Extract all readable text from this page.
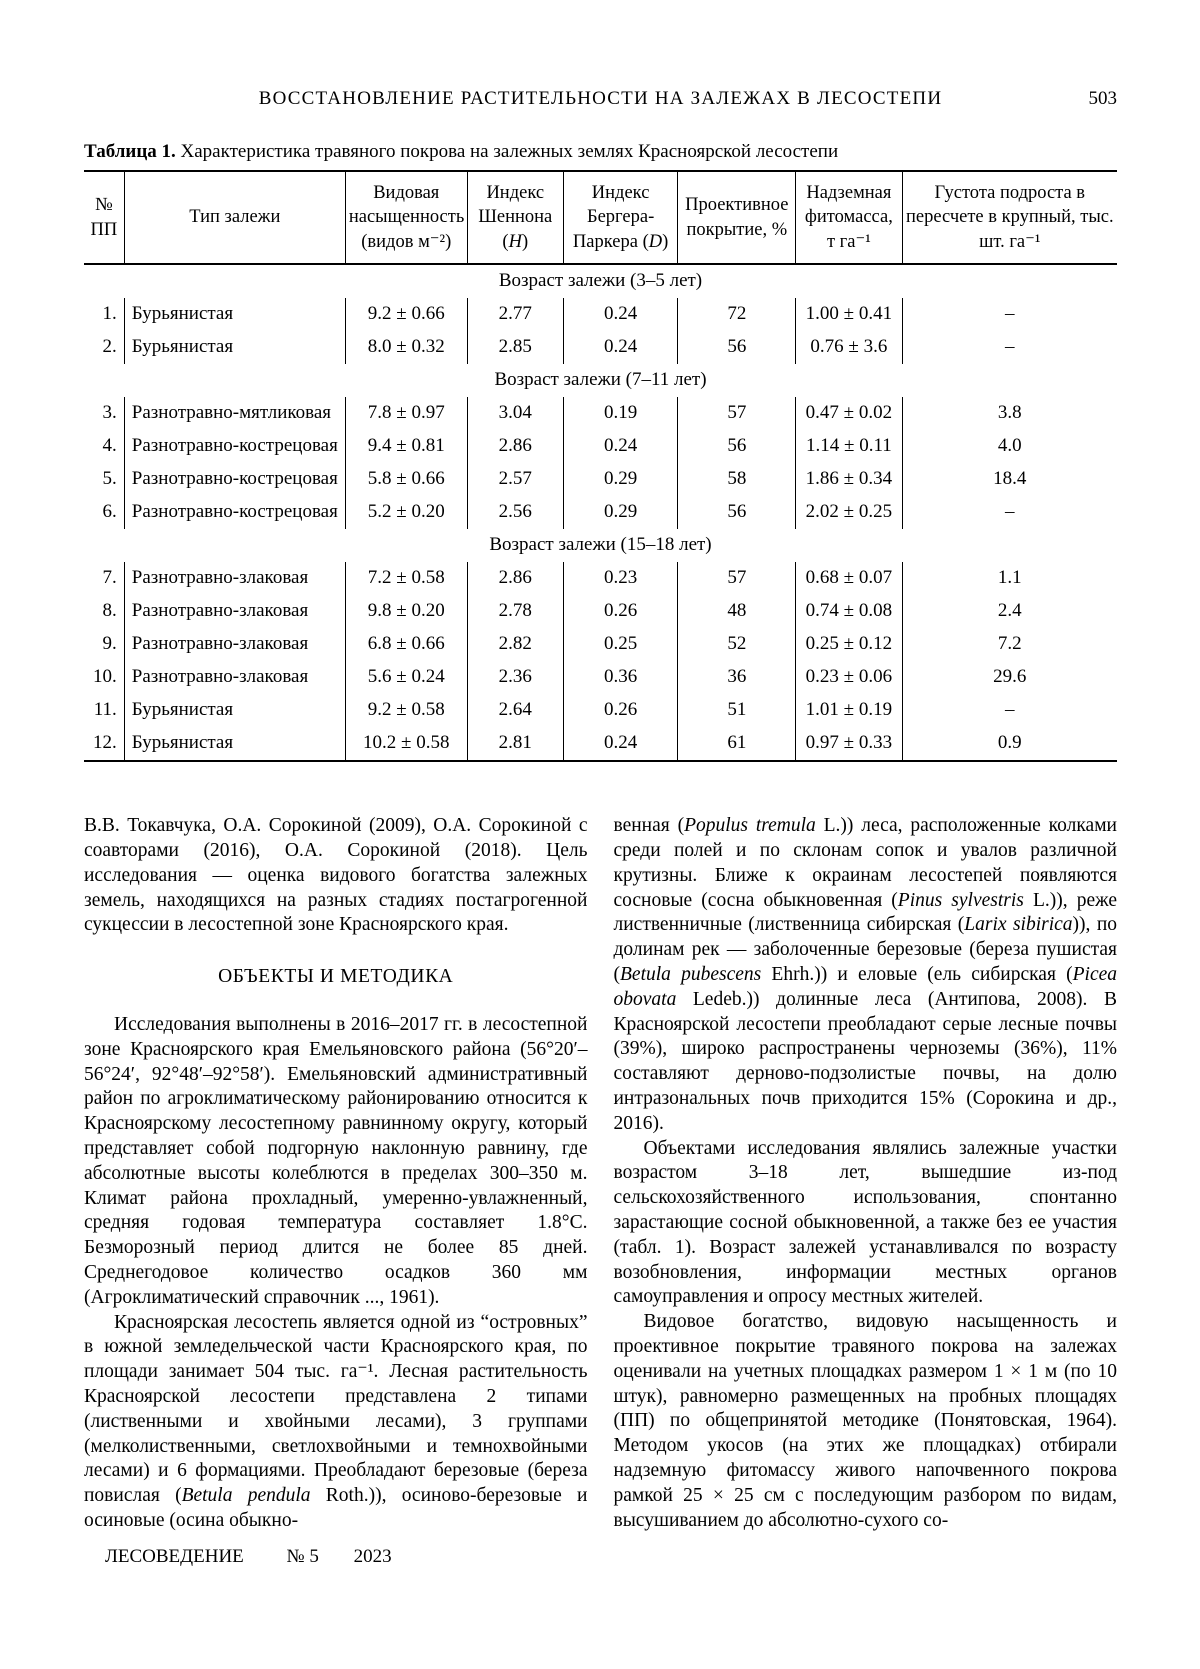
ВОССТАНОВЛЕНИЕ РАСТИТЕЛЬНОСТИ НА ЗАЛЕЖАХ В ЛЕСОСТЕПИ	503
Таблица 1. Характеристика травяного покрова на залежных землях Красноярской лесостепи
№ ПП	Тип залежи	Видовая насыщенность (видов м⁻²)	Индекс Шеннона (H)	Индекс Бергера-Паркера (D)	Проективное покрытие, %	Надземная фитомасса, т га⁻¹	Густота подроста в пересчете в крупный, тыс. шт. га⁻¹
Возраст залежи (3–5 лет)							
1.	Бурьянистая	9.2 ± 0.66	2.77	0.24	72	1.00 ± 0.41	–
2.	Бурьянистая	8.0 ± 0.32	2.85	0.24	56	0.76 ± 3.6	–
Возраст залежи (7–11 лет)							
3.	Разнотравно-мятликовая	7.8 ± 0.97	3.04	0.19	57	0.47 ± 0.02	3.8
4.	Разнотравно-кострецовая	9.4 ± 0.81	2.86	0.24	56	1.14 ± 0.11	4.0
5.	Разнотравно-кострецовая	5.8 ± 0.66	2.57	0.29	58	1.86 ± 0.34	18.4
6.	Разнотравно-кострецовая	5.2 ± 0.20	2.56	0.29	56	2.02 ± 0.25	–
Возраст залежи (15–18 лет)							
7.	Разнотравно-злаковая	7.2 ± 0.58	2.86	0.23	57	0.68 ± 0.07	1.1
8.	Разнотравно-злаковая	9.8 ± 0.20	2.78	0.26	48	0.74 ± 0.08	2.4
9.	Разнотравно-злаковая	6.8 ± 0.66	2.82	0.25	52	0.25 ± 0.12	7.2
10.	Разнотравно-злаковая	5.6 ± 0.24	2.36	0.36	36	0.23 ± 0.06	29.6
11.	Бурьянистая	9.2 ± 0.58	2.64	0.26	51	1.01 ± 0.19	–
12.	Бурьянистая	10.2 ± 0.58	2.81	0.24	61	0.97 ± 0.33	0.9

В.В. Токавчука, О.А. Сорокиной (2009), О.А. Сорокиной с соавторами (2016), О.А. Сорокиной (2018). Цель исследования — оценка видового богатства залежных земель, находящихся на разных стадиях постагрогенной сукцессии в лесостепной зоне Красноярского края.

ОБЪЕКТЫ И МЕТОДИКА

Исследования выполнены в 2016–2017 гг. в лесостепной зоне Красноярского края Емельяновского района (56°20′–56°24′, 92°48′–92°58′). Емельяновский административный район по агроклиматическому районированию относится к Красноярскому лесостепному равнинному округу, который представляет собой подгорную наклонную равнину, где абсолютные высоты колеблются в пределах 300–350 м. Климат района прохладный, умеренно-увлажненный, средняя годовая температура составляет 1.8°С. Безморозный период длится не более 85 дней. Среднегодовое количество осадков 360 мм (Агроклиматический справочник ..., 1961).

Красноярская лесостепь является одной из “островных” в южной земледельческой части Красноярского края, по площади занимает 504 тыс. га⁻¹. Лесная растительность Красноярской лесостепи представлена 2 типами (лиственными и хвойными лесами), 3 группами (мелколиственными, светлохвойными и темнохвойными лесами) и 6 формациями. Преобладают березовые (береза повислая (Betula pendula Roth.)), осиново-березовые и осиновые (осина обыкно-

венная (Populus tremula L.)) леса, расположенные колками среди полей и по склонам сопок и увалов различной крутизны. Ближе к окраинам лесостепей появляются сосновые (сосна обыкновенная (Pinus sylvestris L.)), реже лиственничные (лиственница сибирская (Larix sibirica)), по долинам рек — заболоченные березовые (береза пушистая (Betula pubescens Ehrh.)) и еловые (ель сибирская (Picea obovata Ledeb.)) долинные леса (Антипова, 2008). В Красноярской лесостепи преобладают серые лесные почвы (39%), широко распространены черноземы (36%), 11% составляют дерново-подзолистые почвы, на долю интразональных почв приходится 15% (Сорокина и др., 2016).

Объектами исследования являлись залежные участки возрастом 3–18 лет, вышедшие из-под сельскохозяйственного использования, спонтанно зарастающие сосной обыкновенной, а также без ее участия (табл. 1). Возраст залежей устанавливался по возрасту возобновления, информации местных органов самоуправления и опросу местных жителей.

Видовое богатство, видовую насыщенность и проективное покрытие травяного покрова на залежах оценивали на учетных площадках размером 1 × 1 м (по 10 штук), равномерно размещенных на пробных площадях (ПП) по общепринятой методике (Понятовская, 1964). Методом укосов (на этих же площадках) отбирали надземную фитомассу живого напочвенного покрова рамкой 25 × 25 см с последующим разбором по видам, высушиванием до абсолютно-сухого со-

ЛЕСОВЕДЕНИЕ № 5 2023
